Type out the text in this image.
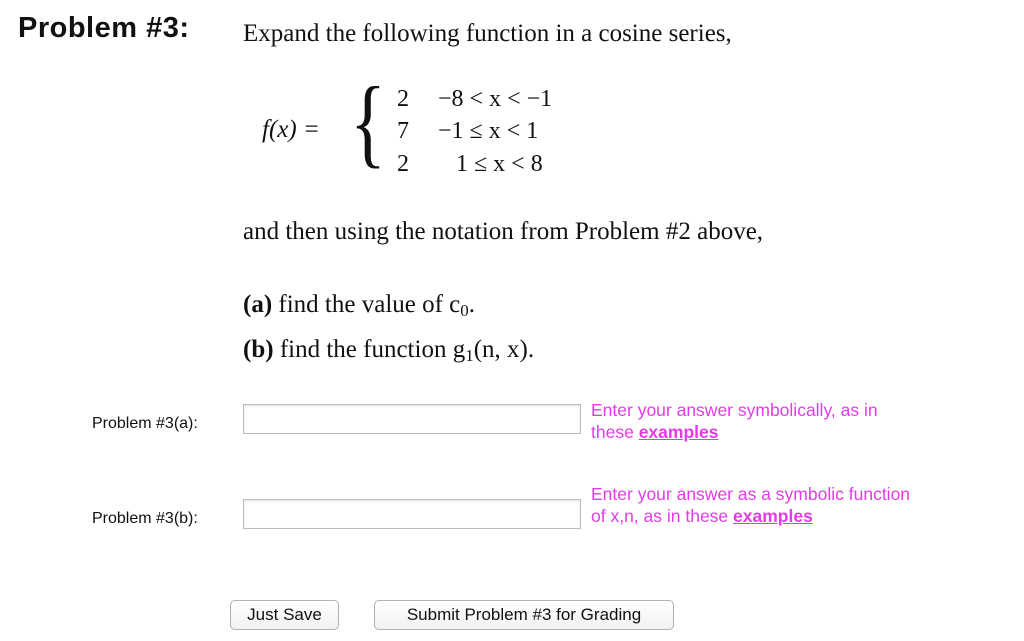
Problem #3: Expand the following function in a cosine series,
f(x) = { 2 −8 < x < −1
7 −1 ≤ x < 1
2 1 ≤ x < 8
and then using the notation from Problem #2 above,
(a) find the value of $c_0$.
(b) find the function $g_1(n$, x).
Problem #3(a):
Enter your answer symbolically, as in these examples
Problem #3(b):
Enter your answer as a symbolic function of x,n, as in these examples
Just Save	Submit Problem #3 for Grading
